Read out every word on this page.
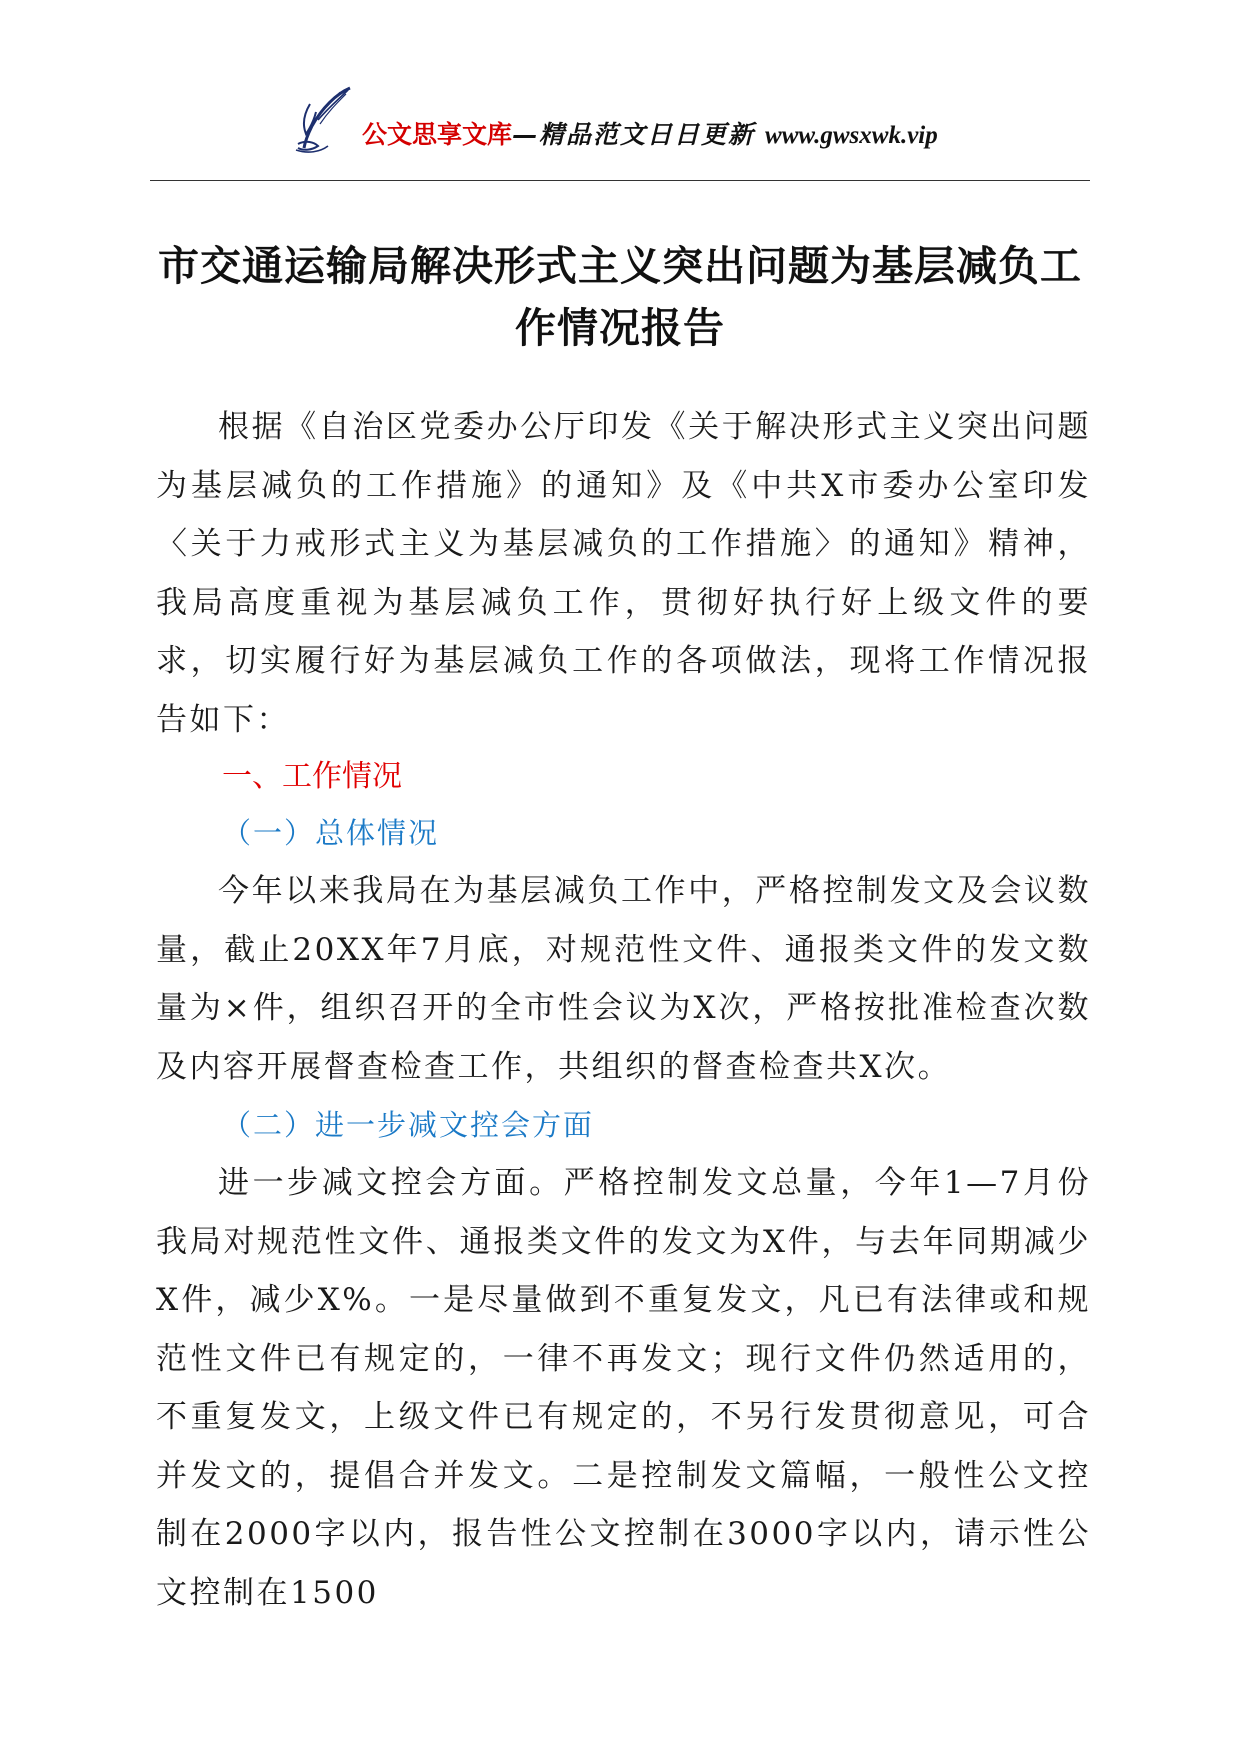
公文思享文库—精品范文日日更新 www.gwsxwk.vip
市交通运输局解决形式主义突出问题为基层减负工作情况报告

根据《自治区党委办公厅印发《关于解决形式主义突出问题为基层减负的工作措施》的通知》及《中共X市委办公室印发〈关于力戒形式主义为基层减负的工作措施〉的通知》精神，我局高度重视为基层减负工作，贯彻好执行好上级文件的要求，切实履行好为基层减负工作的各项做法，现将工作情况报告如下：

一、工作情况

（一）总体情况

今年以来我局在为基层减负工作中，严格控制发文及会议数量，截止20XX年7月底，对规范性文件、通报类文件的发文数量为×件，组织召开的全市性会议为X次，严格按批准检查次数及内容开展督查检查工作，共组织的督查检查共X次。

（二）进一步减文控会方面

进一步减文控会方面。严格控制发文总量，今年1—7月份我局对规范性文件、通报类文件的发文为X件，与去年同期减少X件，减少X%。一是尽量做到不重复发文，凡已有法律或和规范性文件已有规定的，一律不再发文；现行文件仍然适用的，不重复发文，上级文件已有规定的，不另行发贯彻意见，可合并发文的，提倡合并发文。二是控制发文篇幅，一般性公文控制在2000字以内，报告性公文控制在3000字以内，请示性公文控制在1500
